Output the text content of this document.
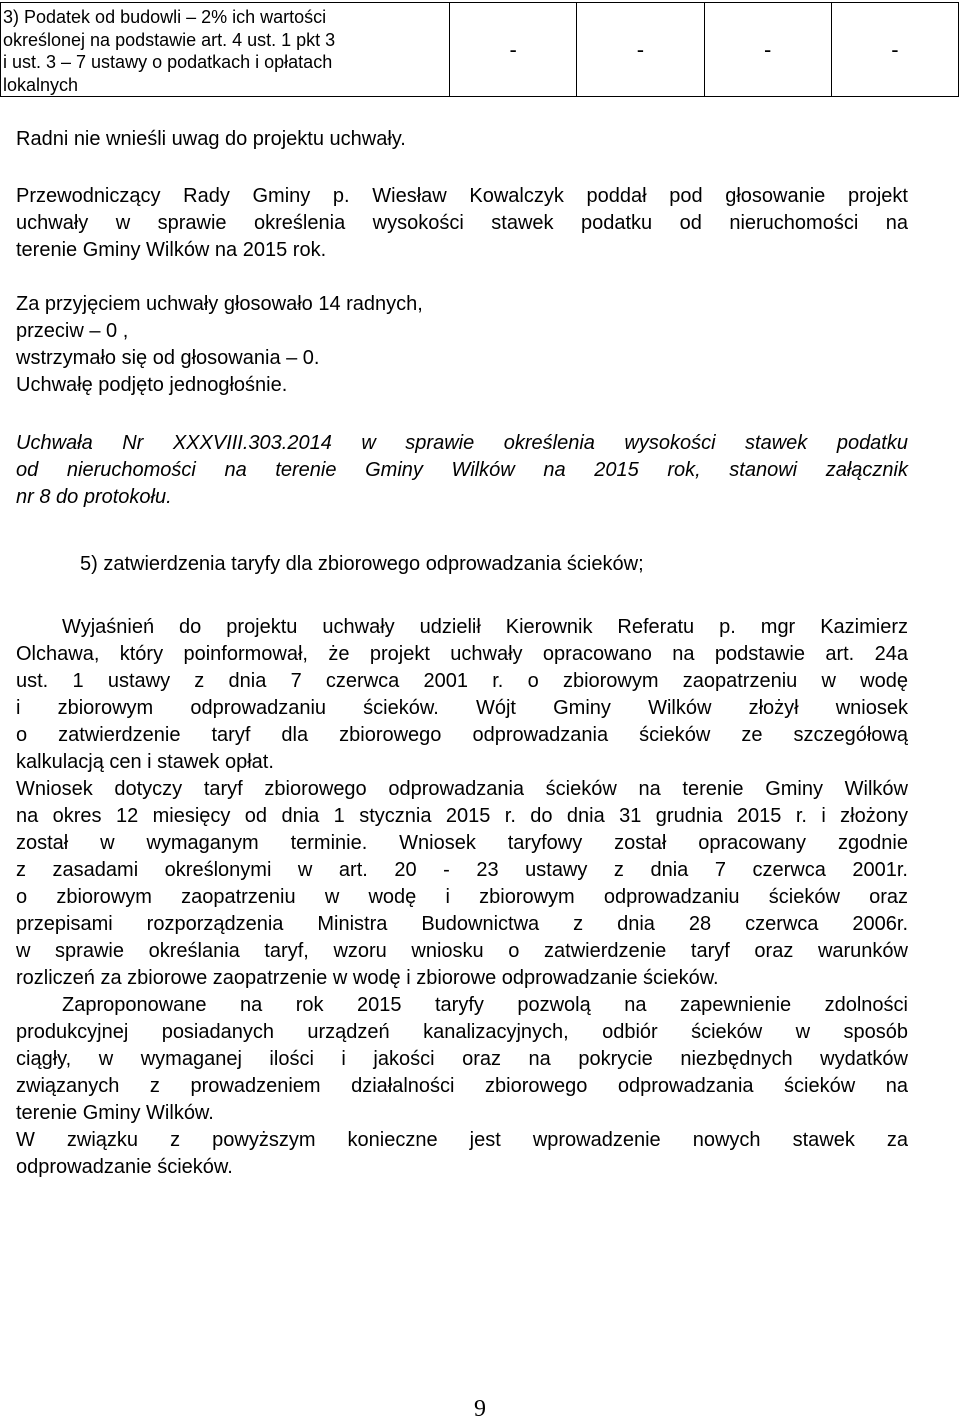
3) Podatek od budowli – 2% ich wartości
określonej na podstawie art. 4 ust. 1 pkt 3
i ust. 3 – 7 ustawy o podatkach i opłatach
lokalnych
	-	-	-	-

Radni nie wnieśli uwag do projektu uchwały.

Przewodniczący Rady Gminy p. Wiesław Kowalczyk poddał pod głosowanie projekt
uchwały w sprawie określenia wysokości stawek podatku od nieruchomości na
terenie Gminy Wilków na 2015 rok.

Za przyjęciem uchwały głosowało 14 radnych,
przeciw – 0 ,
wstrzymało się od głosowania – 0.
Uchwałę podjęto jednogłośnie.

Uchwała Nr XXXVIII.303.2014 w sprawie określenia wysokości stawek podatku
od nieruchomości na terenie Gminy Wilków na 2015 rok, stanowi załącznik
nr 8 do protokołu.

5) zatwierdzenia taryfy dla zbiorowego odprowadzania ścieków;

Wyjaśnień do projektu uchwały udzielił Kierownik Referatu p. mgr Kazimierz
Olchawa, który poinformował, że projekt uchwały opracowano na podstawie art. 24a
ust. 1 ustawy z dnia 7 czerwca 2001 r. o zbiorowym zaopatrzeniu w wodę
i zbiorowym odprowadzaniu ścieków. Wójt Gminy Wilków złożył wniosek
o zatwierdzenie taryf dla zbiorowego odprowadzania ścieków ze szczegółową
kalkulacją cen i stawek opłat.
Wniosek dotyczy taryf zbiorowego odprowadzania ścieków na terenie Gminy Wilków
na okres 12 miesięcy od dnia 1 stycznia 2015 r. do dnia 31 grudnia 2015 r. i złożony
został w wymaganym terminie. Wniosek taryfowy został opracowany zgodnie
z zasadami określonymi w art. 20 - 23 ustawy z dnia 7 czerwca 2001r.
o zbiorowym zaopatrzeniu w wodę i zbiorowym odprowadzaniu ścieków oraz
przepisami rozporządzenia Ministra Budownictwa z dnia 28 czerwca 2006r.
w sprawie określania taryf, wzoru wniosku o zatwierdzenie taryf oraz warunków
rozliczeń za zbiorowe zaopatrzenie w wodę i zbiorowe odprowadzanie ścieków.
Zaproponowane na rok 2015 taryfy pozwolą na zapewnienie zdolności
produkcyjnej posiadanych urządzeń kanalizacyjnych, odbiór ścieków w sposób
ciągły, w wymaganej ilości i jakości oraz na pokrycie niezbędnych wydatków
związanych z prowadzeniem działalności zbiorowego odprowadzania ścieków na
terenie Gminy Wilków.
W związku z powyższym konieczne jest wprowadzenie nowych stawek za
odprowadzanie ścieków.
9
